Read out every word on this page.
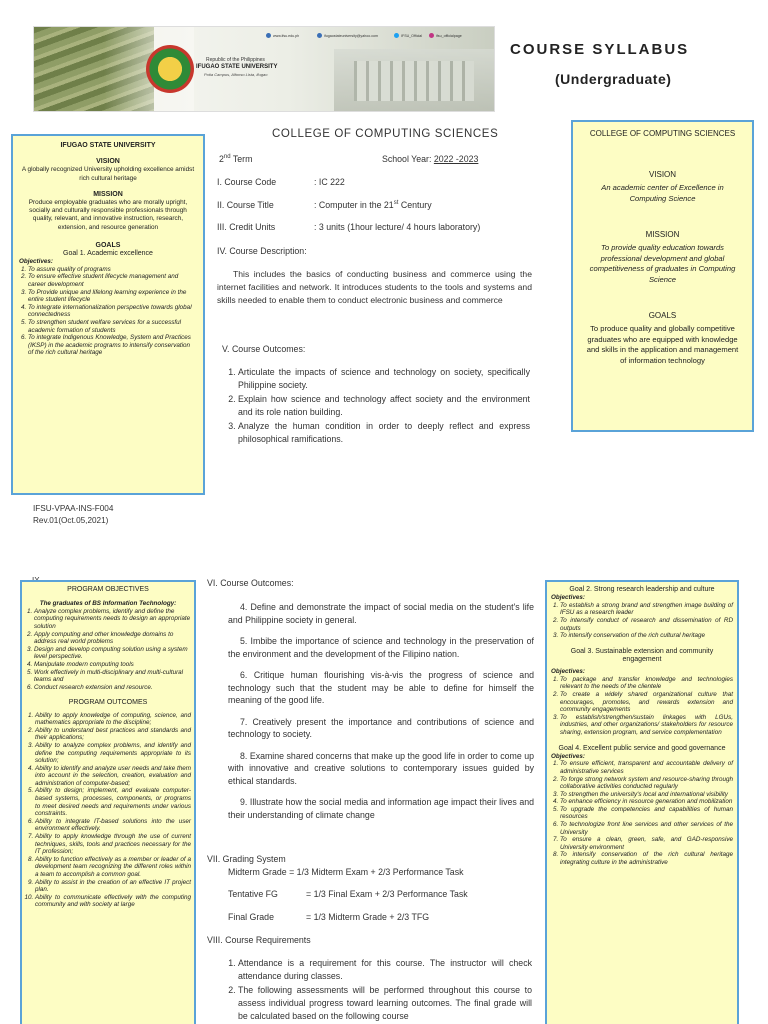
Republic of the Philippines
IFUGAO STATE UNIVERSITY
Potia Campus, Alfonso Lista, Ifugao
www.ifsu.edu.ph	ifugaostateuniversity@yahoo.com	IFSU_Official	ifsu_officialpage
COURSE SYLLABUS
(Undergraduate)
IFUGAO STATE UNIVERSITY
VISION
A globally recognized University upholding excellence amidst rich cultural heritage
MISSION
Produce employable graduates who are morally upright, socially and culturally responsible professionals through quality, relevant, and innovative instruction, research, extension, and resource generation
GOALS
Goal 1. Academic excellence
Objectives:
1. To assure quality of programs
2. To ensure effective student lifecycle management and career development
3. To Provide unique and lifelong learning experience in the entire student lifecycle
4. To integrate internationalization perspective towards global connectedness
5. To strengthen student welfare services for a successful academic formation of students
6. To integrate Indigenous Knowledge, System and Practices (IKSP) in the academic programs to intensify conservation of the rich cultural heritage
IFSU-VPAA-INS-F004
Rev.01(Oct.05,2021)
COLLEGE OF COMPUTING SCIENCES
VISION

An academic center of Excellence in Computing Science

MISSION

To provide quality education towards professional development and global competitiveness of graduates in Computing Science

GOALS

To produce quality and globally competitive graduates who are equipped with knowledge and skills in the application and management of information technology

COLLEGE OF COMPUTING SCIENCES
2nd Term	School Year: 2022 -2023
I. Course Code	: IC 222
II. Course Title	: Computer in the 21st Century
III. Credit Units	: 3 units (1hour lecture/ 4 hours laboratory)
IV. Course Description:
This includes the basics of conducting business and commerce using the internet facilities and network. It introduces students to the tools and systems and skills needed to enable them to conduct electronic business and commerce
V. Course Outcomes:
1. Articulate the impacts of science and technology on society, specifically Philippine society.
2. Explain how science and technology affect society and the environment and its role nation building.
3. Analyze the human condition in order to deeply reflect and express philosophical ramifications.
PROGRAM OBJECTIVES
The graduates of BS Information Technology:
1. Analyze complex problems, identify and define the computing requirements needs to design an appropriate solution
2. Apply computing and other knowledge domains to address real world problems
3. Design and develop computing solution using a system level perspective.
4. Manipulate modern computing tools
5. Work effectively in multi-disciplinary and multi-cultural teams and
6. Conduct research extension and resource.
PROGRAM OUTCOMES
1. Ability to apply knowledge of computing, science, and mathematics appropriate to the discipline;
2. Ability to understand best practices and standards and their applications;
3. Ability to analyze complex problems, and identify and define the computing requirements appropriate to its solution;
4. Ability to identify and analyze user needs and take them into account in the selection, creation, evaluation and administration of computer-based;
5. Ability to design; implement, and evaluate computer-based systems, processes, components, or programs to meet desired needs and requirements under various constraints.
6. Ability to integrate IT-based solutions into the user environment effectively.
7. Ability to apply knowledge through the use of current techniques, skills, tools and practices necessary for the IT profession;
8. Ability to function effectively as a member or leader of a development team recognizing the different roles within a team to accomplish a common goal.
9. Ability to assist in the creation of an effective IT project plan.
10. Ability to communicate effectively with the computing community and with society at large
VI. Course Outcomes:

4. Define and demonstrate the impact of social media on the student's life and Philippine society in general.

5. Imbibe the importance of science and technology in the preservation of the environment and the development of the Filipino nation.

6. Critique human flourishing vis-à-vis the progress of science and technology such that the student may be able to define for himself the meaning of the good life.

7. Creatively present the importance and contributions of science and technology to society.

8. Examine shared concerns that make up the good life in order to come up with innovative and creative solutions to contemporary issues guided by ethical standards.

9. Illustrate how the social media and information age impact their lives and their understanding of climate change

VII. Grading System
Midterm Grade = 1/3 Midterm Exam + 2/3 Performance Task
Tentative FG	= 1/3 Final Exam + 2/3 Performance Task
Final Grade	= 1/3 Midterm Grade + 2/3 TFG
VIII. Course Requirements
1. Attendance is a requirement for this course. The instructor will check attendance during classes.
2. The following assessments will be performed throughout this course to assess individual progress toward learning outcomes. The final grade will be calculated based on the following course
Goal 2. Strong research leadership and culture
Objectives:
1. To establish a strong brand and strengthen image building of IFSU as a research leader
2. To intensify conduct of research and dissemination of RD outputs
3. To intensify conservation of the rich cultural heritage
Goal 3. Sustainable extension and community engagement
Objectives:
1. To package and transfer knowledge and technologies relevant to the needs of the clientele
2. To create a widely shared organizational culture that encourages, promotes, and rewards extension and community engagements
3. To establish/strengthen/sustain linkages with LGUs, industries, and other organizations/ stakeholders for resource sharing, extension program, and service complementation
Goal 4. Excellent public service and good governance
Objectives:
1. To ensure efficient, transparent and accountable delivery of administrative services
2. To forge strong network system and resource-sharing through collaborative activities conducted regularly
3. To strengthen the university's local and international visibility
4. To enhance efficiency in resource generation and mobilization
5. To upgrade the competencies and capabilities of human resources
6. To technologize front line services and other services of the University
7. To ensure a clean, green, safe, and GAD-responsive University environment
8. To intensify conservation of the rich cultural heritage integrating culture in the administrative
